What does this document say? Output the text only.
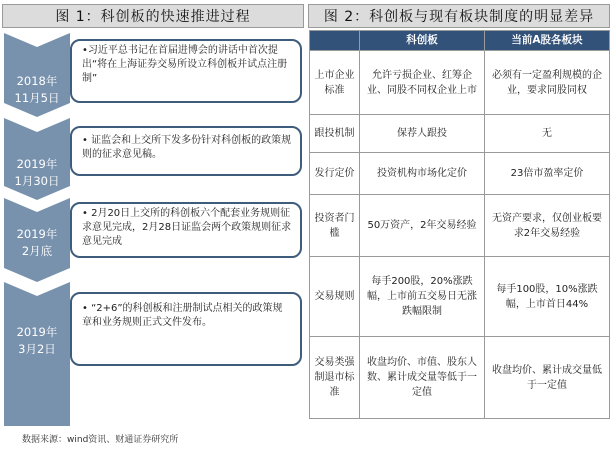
图 1：科创板的快速推进过程	图 2：科创板与现有板块制度的明显差异
2018年
11月5日
•习近平总书记在首届进博会的讲话中首次提出“将在上海证券交易所设立科创板并试点注册制”
2019年
1月30日
• 证监会和上交所下发多份针对科创板的政策规则的征求意见稿。
2019年
2月底
• 2月20日上交所的科创板六个配套业务规则征求意见完成，2月28日证监会两个政策规则征求意见完成
2019年
3月2日
• “2+6”的科创板和注册制试点相关的政策规章和业务规则正式文件发布。
	科创板	当前A股各板块
上市企业标准	允许亏损企业、红筹企业、同股不同权企业上市	必须有一定盈利规模的企业，要求同股同权
跟投机制	保荐人跟投	无
发行定价	投资机构市场化定价	23倍市盈率定价
投资者门槛	50万资产，2年交易经验	无资产要求，仅创业板要求2年交易经验
交易规则	每手200股，20%涨跌幅，上市前五交易日无涨跌幅限制	每手100股，10%涨跌幅，上市首日44%
交易类强制退市标准	收盘均价、市值、股东人数、累计成交量等低于一定值	收盘均价、累计成交量低于一定值
数据来源：wind资讯、财通证券研究所
